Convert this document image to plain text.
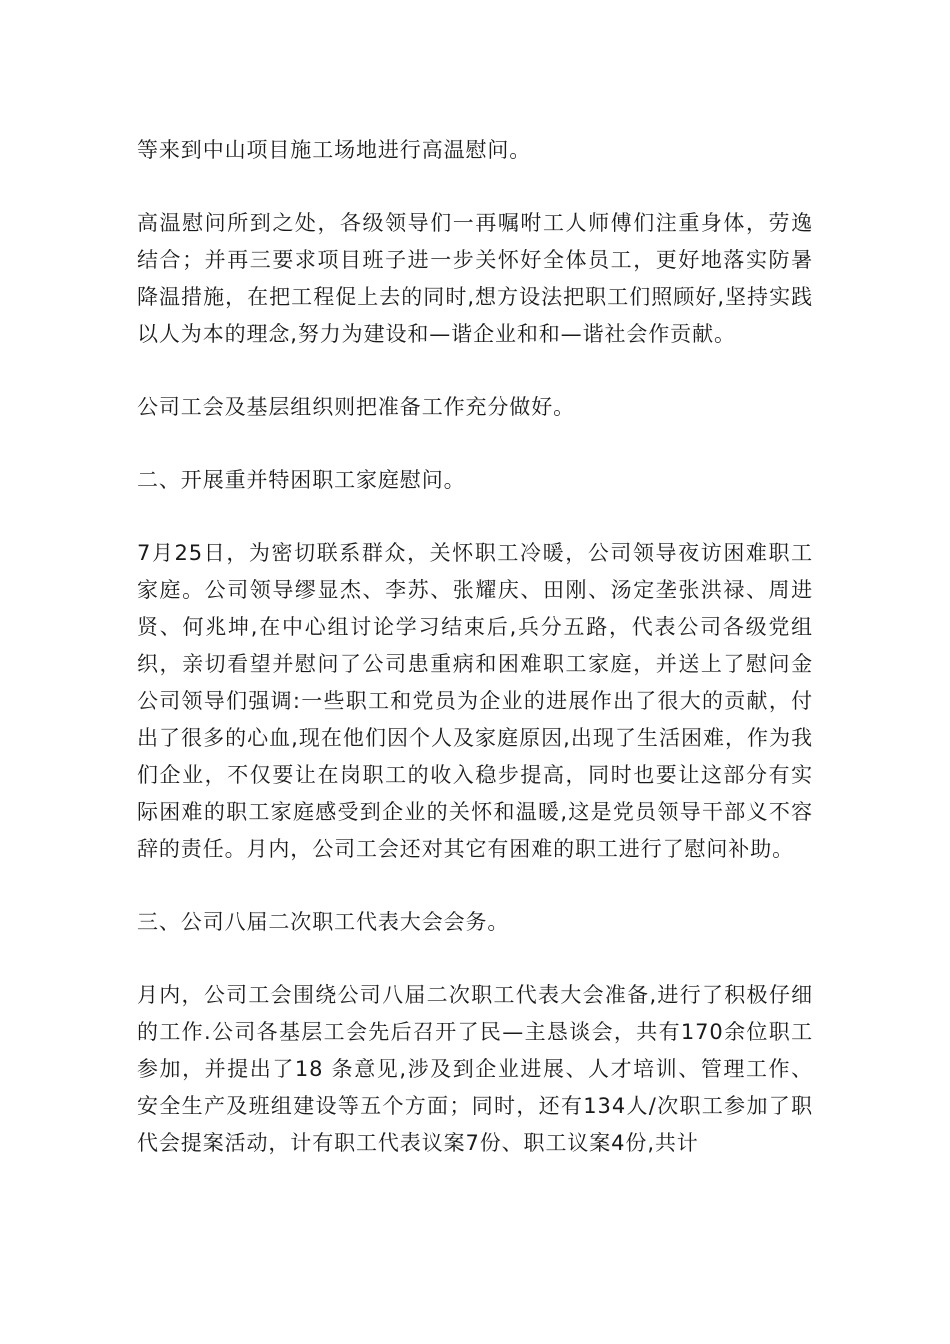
等来到中山项目施工场地进行高温慰问。

高温慰问所到之处，各级领导们一再嘱咐工人师傅们注重身体，劳逸结合；并再三要求项目班子进一步关怀好全体员工，更好地落实防暑降温措施，在把工程促上去的同时,想方设法把职工们照顾好,坚持实践以人为本的理念,努力为建设和—谐企业和和—谐社会作贡献。

公司工会及基层组织则把准备工作充分做好。

二、开展重并特困职工家庭慰问。

7月25日，为密切联系群众，关怀职工冷暖，公司领导夜访困难职工家庭。公司领导缪显杰、李苏、张耀庆、田刚、汤定垄张洪禄、周进贤、何兆坤,在中心组讨论学习结束后,兵分五路，代表公司各级党组织，亲切看望并慰问了公司患重病和困难职工家庭，并送上了慰问金公司领导们强调:一些职工和党员为企业的进展作出了很大的贡献，付出了很多的心血,现在他们因个人及家庭原因,出现了生活困难，作为我们企业，不仅要让在岗职工的收入稳步提高，同时也要让这部分有实际困难的职工家庭感受到企业的关怀和温暖,这是党员领导干部义不容辞的责任。月内，公司工会还对其它有困难的职工进行了慰问补助。

三、公司八届二次职工代表大会会务。

月内，公司工会围绕公司八届二次职工代表大会准备,进行了积极仔细的工作.公司各基层工会先后召开了民—主恳谈会，共有170余位职工参加，并提出了18 条意见,涉及到企业进展、人才培训、管理工作、安全生产及班组建设等五个方面；同时，还有134人/次职工参加了职代会提案活动，计有职工代表议案7份、职工议案4份,共计
